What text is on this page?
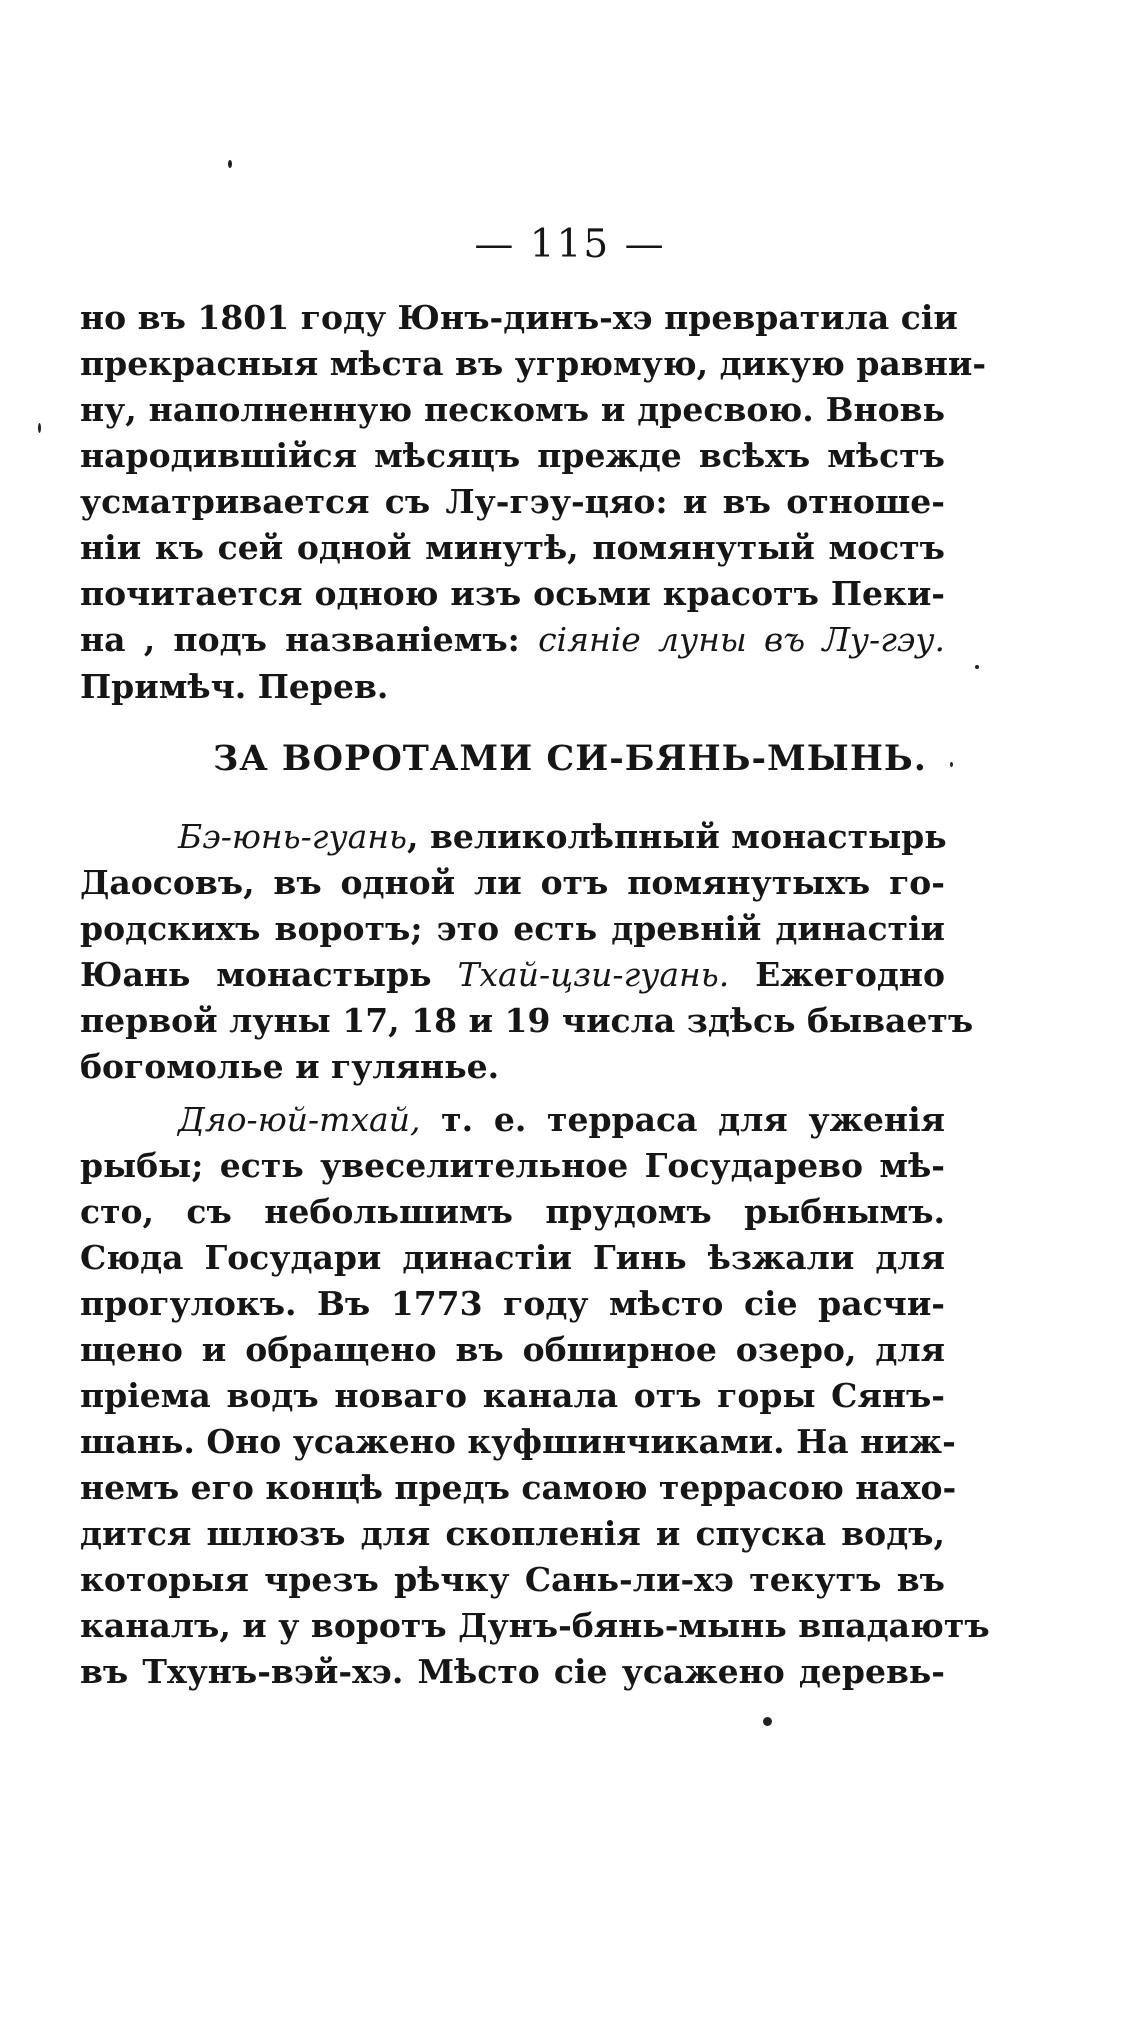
— 115 —
но въ 1801 году Юнъ-динъ-хэ превратила сіи
прекрасныя мѣста въ угрюмую, дикую равни-
ну, наполненную пескомъ и дресвою. Вновь
народившійся мѣсяцъ прежде всѣхъ мѣстъ
усматривается съ Лу-гэу-цяо: и въ отноше-
ніи къ сей одной минутѣ, помянутый мостъ
почитается одною изъ осьми красотъ Пеки-
на , подъ названіемъ: сіяніе луны въ Лу-гэу.
Примѣч. Перев.
ЗА ВОРОТАМИ СИ-БЯНЬ-МЫНЬ.
Бэ-юнь-гуань, великолѣпный монастырь
Даосовъ, въ одной ли отъ помянутыхъ го-
родскихъ воротъ; это есть древній династіи
Юань монастырь Тхай-цзи-гуань. Ежегодно
первой луны 17, 18 и 19 числа здѣсь бываетъ
богомолье и гулянье.
Дяо-юй-тхай, т. е. терраса для уженія
рыбы; есть увеселительное Государево мѣ-
сто, съ небольшимъ прудомъ рыбнымъ.
Сюда Государи династіи Гинь ѣзжали для
прогулокъ. Въ 1773 году мѣсто сіе расчи-
щено и обращено въ обширное озеро, для
пріема водъ новаго канала отъ горы Сянъ-
шань. Оно усажено куфшинчиками. На ниж-
немъ его концѣ предъ самою террасою нахо-
дится шлюзъ для скопленія и спуска водъ,
которыя чрезъ рѣчку Сань-ли-хэ текутъ въ
каналъ, и у воротъ Дунъ-бянь-мынь впадаютъ
въ Тхунъ-вэй-хэ. Мѣсто сіе усажено деревь-
